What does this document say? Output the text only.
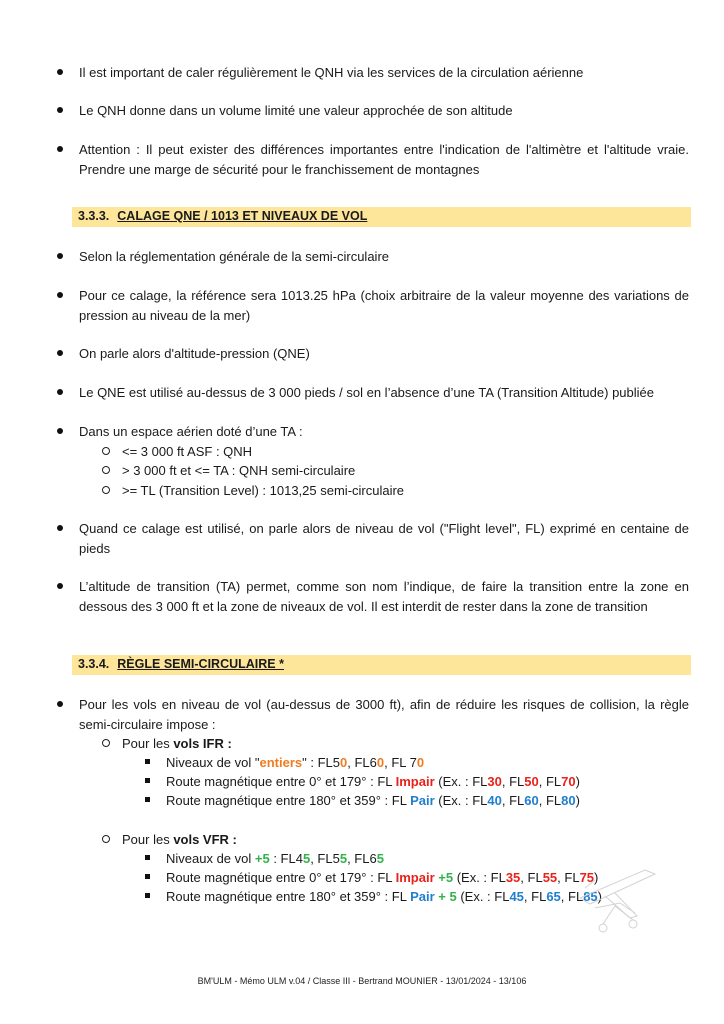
Il est important de caler régulièrement le QNH via les services de la circulation aérienne
Le QNH donne dans un volume limité une valeur approchée de son altitude
Attention : Il peut exister des différences importantes entre l'indication de l'altimètre et l'altitude vraie. Prendre une marge de sécurité pour le franchissement de montagnes
3.3.3. CALAGE QNE / 1013 ET NIVEAUX DE VOL
Selon la réglementation générale de la semi-circulaire
Pour ce calage, la référence sera 1013.25 hPa (choix arbitraire de la valeur moyenne des variations de pression au niveau de la mer)
On parle alors d'altitude-pression (QNE)
Le QNE est utilisé au-dessus de 3 000 pieds / sol en l’absence d’une TA (Transition Altitude) publiée
Dans un espace aérien doté d’une TA :
<= 3 000 ft ASF : QNH
> 3 000 ft et <= TA : QNH semi-circulaire
>= TL (Transition Level) : 1013,25 semi-circulaire
Quand ce calage est utilisé, on parle alors de niveau de vol ("Flight level", FL) exprimé en centaine de pieds
L’altitude de transition (TA) permet, comme son nom l’indique, de faire la transition entre la zone en dessous des 3 000 ft et la zone de niveaux de vol. Il est interdit de rester dans la zone de transition
3.3.4. RÈGLE SEMI-CIRCULAIRE *
Pour les vols en niveau de vol (au-dessus de 3000 ft), afin de réduire les risques de collision, la règle semi-circulaire impose :
Pour les vols IFR :
Niveaux de vol "entiers" : FL50, FL60, FL 70
Route magnétique entre 0° et 179° : FL Impair (Ex. : FL30, FL50, FL70)
Route magnétique entre 180° et 359° : FL Pair (Ex. : FL40, FL60, FL80)
Pour les vols VFR :
Niveaux de vol +5 : FL45, FL55, FL65
Route magnétique entre 0° et 179° : FL Impair +5 (Ex. : FL35, FL55, FL75)
Route magnétique entre 180° et 359° : FL Pair + 5 (Ex. : FL45, FL65, FL85)
BM'ULM - Mémo ULM v.04 / Classe III - Bertrand MOUNIER - 13/01/2024 - 13/106
